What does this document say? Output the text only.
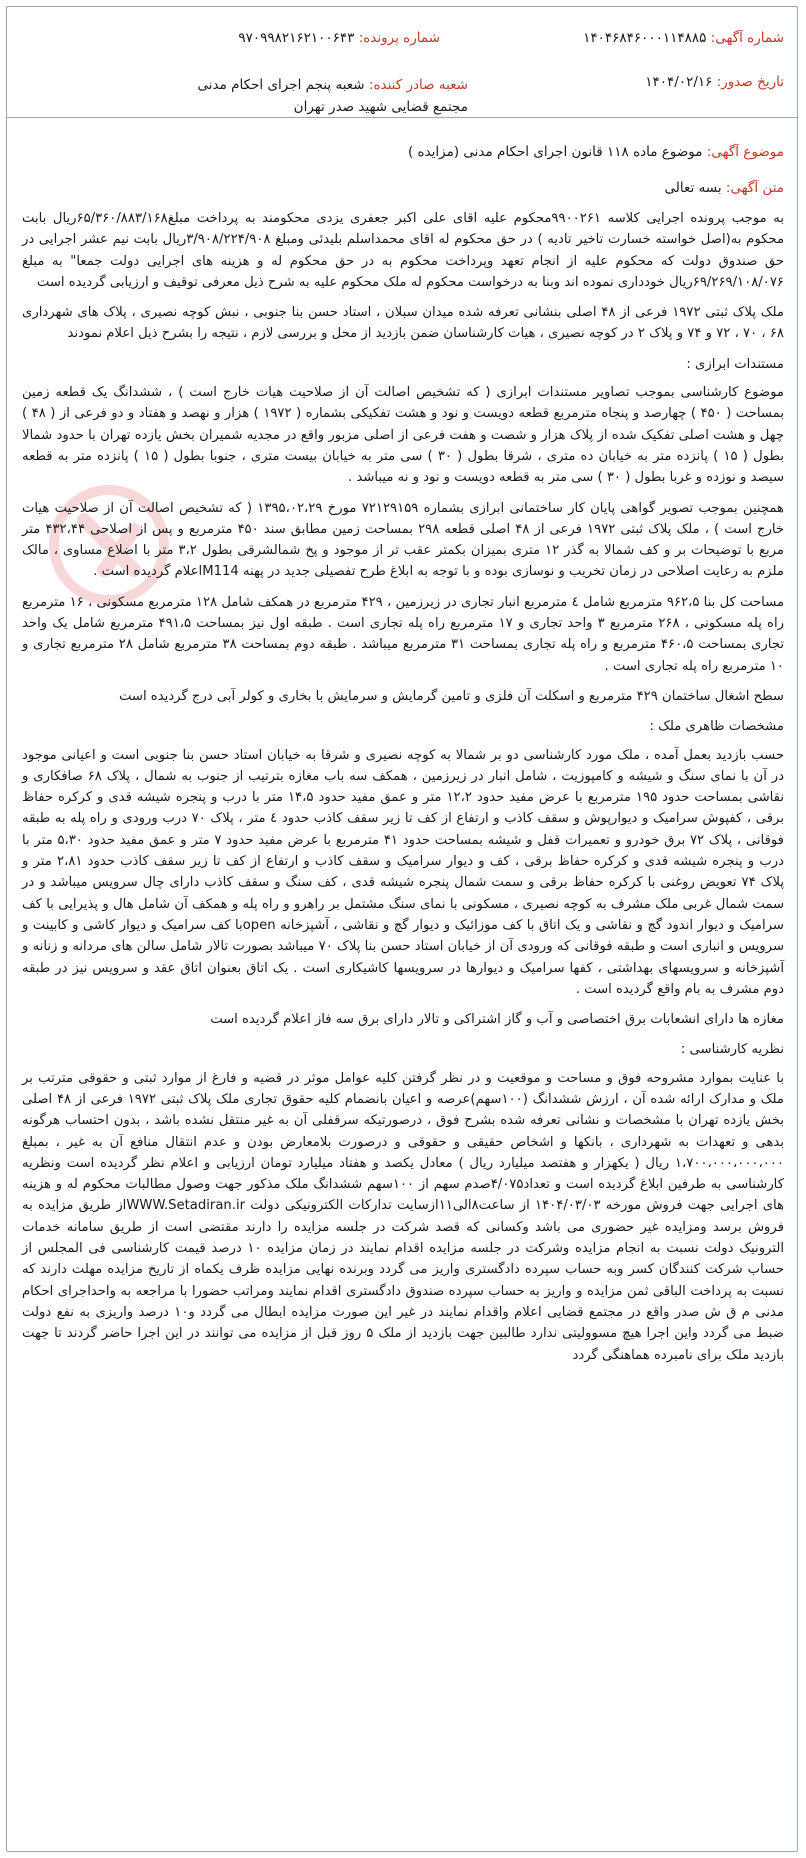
شماره آگهی: ۱۴۰۴۶۸۴۶۰۰۰۱۱۴۸۸۵
شماره پرونده: ۹۷۰۹۹۸۲۱۶۲۱۰۰۶۴۳
تاریخ صدور: ۱۴۰۴/۰۲/۱۶
شعبه صادر کننده: شعبه پنجم اجرای احکام مدنی مجتمع قضایی شهید صدر تهران
موضوع آگهی: موضوع ماده ۱۱۸ قانون اجرای احکام مدنی (مزایده )
متن آگهی: بسه تعالی

به موجب پرونده اجرایی کلاسه ۹۹۰۰۲۶۱محکوم علیه اقای علی اکبر جعفری یزدی محکومند به پرداخت مبلغ۶۵/۳۶۰/۸۸۳/۱۶۸ریال بابت محکوم به(اصل خواسته خسارت تاخیر تادیه ) در حق محکوم له اقای محمداسلم بلیدئی ومبلغ ۳/۹۰۸/۲۲۴/۹۰۸ریال بابت نیم عشر اجرایی در حق صندوق دولت که محکوم علیه از انجام تعهد وپرداخت محکوم به در حق محکوم له و هزینه های اجرایی دولت جمعا" به مبلغ ۶۹/۲۶۹/۱۰۸/۰۷۶ریال خودداری نموده اند وبنا به درخواست محکوم له ملک محکوم علیه به شرح ذیل معرفی توقیف و ارزیابی گردیده است

ملک پلاک ثبتی ۱۹۷۲ فرعی از ۴۸ اصلی بنشانی تعرفه شده میدان سبلان ، استاد حسن بنا جنوبی ، نبش کوچه نصیری ، پلاک های شهرداری ۶۸ ، ۷۰ ، ۷۲ و ۷۴ و پلاک ۲ در کوچه نصیری ، هیات کارشناسان ضمن بازدید از محل و بررسی لازم ، نتیجه را بشرح ذیل اعلام نمودند

مستندات ابرازی :

موضوع کارشناسی بموجب تصاویر مستندات ابرازی ( که تشخیص اصالت آن از صلاحیت هیات خارج است ) ، ششدانگ یک قطعه زمین بمساحت ( ۴۵۰ ) چهارصد و پنجاه مترمربع قطعه دویست و نود و هشت تفکیکی بشماره ( ۱۹۷۲ ) هزار و نهصد و هفتاد و دو فرعی از ( ۴۸ ) چهل و هشت اصلی تفکیک شده از پلاک هزار و شصت و هفت فرعی از اصلی مزبور واقع در مجدیه شمیران بخش یازده تهران با حدود شمالا بطول ( ۱۵ ) پانزده متر به خیابان ده متری ، شرقا بطول ( ۳۰ ) سی متر به خیابان بیست متری ، جنوبا بطول ( ۱۵ ) پانزده متر به قطعه سیصد و نوزده و غربا بطول ( ۳۰ ) سی متر به قطعه دویست و نود و نه میباشد .

همچنین بموجب تصویر گواهی پایان کار ساختمانی ابرازی بشماره ۷۲۱۲۹۱۵۹ مورخ ۱۳۹۵،۰۲،۲۹ ( که تشخیص اصالت آن از صلاحیت هیات خارج است ) ، ملک پلاک ثبتی ۱۹۷۲ فرعی از ۴۸ اصلی قطعه ۲۹۸ بمساحت زمین مطابق سند ۴۵۰ مترمربع و پس از اصلاحی ۴۳۲،۴۴ متر مربع با توضیحات بر و کف شمالا به گذر ۱۲ متری بمیزان بکمتر عقب تر از موجود و پخ شمالشرقی بطول ۳،۲ متر با اضلاع مساوی ، مالک ملزم به رعایت اصلاحی در زمان تخریب و نوسازی بوده و با توجه به ابلاغ طرح تفصیلی جدید در پهنه M114اعلام گردیده است .

مساحت کل بنا ۹۶۲،۵ مترمربع شامل ٤ مترمربع انبار تجاری در زیرزمین ، ۴۲۹ مترمربع در همکف شامل ۱۲۸ مترمربع مسکونی ، ۱۶ مترمربع راه پله مسکونی ، ۲۶۸ مترمربع ۳ واحد تجاری و ۱۷ مترمربع راه پله تجاری است . طبقه اول نیز بمساحت ۴۹۱،۵ مترمربع شامل یک واحد تجاری بمساحت ۴۶۰،۵ مترمربع و راه پله تجاری بمساحت ۳۱ مترمربع میباشد . طبقه دوم بمساحت ۳۸ مترمربع شامل ۲۸ مترمربع تجاری و ۱۰ مترمربع راه پله تجاری است .

سطح اشغال ساختمان ۴۲۹ مترمربع و اسکلت آن فلزی و تامین گرمایش و سرمایش با بخاری و کولر آبی درج گردیده است

مشخصات ظاهری ملک :

حسب بازدید بعمل آمده ، ملک مورد کارشناسی دو بر شمالا به کوچه نصیری و شرقا به خیابان استاد حسن بنا جنوبی است و اعیانی موجود در آن با نمای سنگ و شیشه و کامپوزیت ، شامل انبار در زیرزمین ، همکف سه باب مغازه بترتیب از جنوب به شمال ، پلاک ۶۸ صافکاری و نقاشی بمساحت حدود ۱۹۵ مترمربع با عرض مفید حدود ۱۲،۲ متر و عمق مفید حدود ۱۴،۵ متر با درب و پنجره شیشه قدی و کرکره حفاظ برقی ، کفپوش سرامیک و دیوارپوش و سقف کاذب و ارتفاع از کف تا زیر سقف کاذب حدود ٤ متر ، پلاک ۷۰ درب ورودی و راه پله به طبقه فوقانی ، پلاک ۷۲ برق خودرو و تعمیرات قفل و شیشه بمساحت حدود ۴۱ مترمربع با عرض مفید حدود ۷ متر و عمق مفید حدود ۵،۳۰ متر با درب و پنجره شیشه قدی و کرکره حفاظ برقی ، کف و دیوار سرامیک و سقف کاذب و ارتفاع از کف تا زیر سقف کاذب حدود ۲،۸۱ متر و پلاک ۷۴ تعویض روغنی با کرکره حفاظ برقی و سمت شمال پنجره شیشه قدی ، کف سنگ و سقف کاذب دارای چال سرویس میباشد و در سمت شمال غربی ملک مشرف به کوچه نصیری ، مسکونی با نمای سنگ مشتمل بر راهرو و راه پله و همکف آن شامل هال و پذیرایی با کف سرامیک و دیوار اندود گچ و نقاشی و یک اتاق با کف موزائیک و دیوار گچ و نقاشی ، آشپزخانه openبا کف سرامیک و دیوار کاشی و کابینت و سرویس و انباری است و طبقه فوقانی که ورودی آن از خیابان استاد حسن بنا پلاک ۷۰ میباشد بصورت تالار شامل سالن های مردانه و زنانه و آشپزخانه و سرویسهای بهداشتی ، کفها سرامیک و دیوارها در سرویسها کاشیکاری است . یک اتاق بعنوان اتاق عقد و سرویس نیز در طبقه دوم مشرف به بام واقع گردیده است .

مغازه ها دارای انشعابات برق اختصاصی و آب و گاز اشتراکی و تالار دارای برق سه فاز اعلام گردیده است

نظریه کارشناسی :

با عنایت بموارد مشروحه فوق و مساحت و موقعیت و در نظر گرفتن کلیه عوامل موثر در قضیه و فارغ از موارد ثبتی و حقوقی مترتب بر ملک و مدارک ارائه شده آن ، ارزش ششدانگ (۱۰۰سهم)عرصه و اعیان بانضمام کلیه حقوق تجاری ملک پلاک ثبتی ۱۹۷۲ فرعی از ۴۸ اصلی بخش یازده تهران با مشخصات و نشانی تعرفه شده بشرح فوق ، درصورتیکه سرقفلی آن به غیر منتقل نشده باشد ، بدون احتساب هرگونه بدهی و تعهدات به شهرداری ، بانکها و اشخاص حقیقی و حقوقی و درصورت بلامعارض بودن و عدم انتقال منافع آن به غیر ، بمبلغ ۱،۷۰۰،۰۰۰،۰۰۰،۰۰۰ ریال ( یکهزار و هفتصد میلیارد ریال ) معادل یکصد و هفتاد میلیارد تومان ارزیابی و اعلام نظر گردیده است ونظریه کارشناسی به طرفین ابلاغ گردیده است و تعداد۴/۰۷۵صدم سهم از ۱۰۰سهم ششدانگ ملک مذکور جهت وصول مطالبات محکوم له و هزینه های اجرایی جهت فروش مورخه ۱۴۰۴/۰۳/۰۳ از ساعت۸الی۱۱ازسایت تدارکات الکترونیکی دولت WWW.Setadiran.irاز طریق مزایده به فروش برسد ومزایده غیر حضوری می باشد وکسانی که قصد شرکت در جلسه مزایده را دارند مقتضی است از طریق سامانه خدمات الترونیک دولت نسبت به انجام مزایده وشرکت در جلسه مزایده اقدام نمایند در زمان مزایده ۱۰ درصد قیمت کارشناسی فی المجلس از حساب شرکت کنندگان کسر وبه حساب سپرده دادگستری واریز می گردد وبرنده نهایی مزایده ظرف یکماه از تاریخ مزایده مهلت دارند که نسبت به پرداخت الباقی ثمن مزایده و واریز به حساب سپرده صندوق دادگستری اقدام نمایند ومراتب حضورا با مراجعه به واحداجرای احکام مدنی م ق ش صدر واقع در مجتمع قضایی اعلام واقدام نمایند در غیر این صورت مزایده ابطال می گردد و۱۰ درصد واریزی به نفع دولت ضبط می گردد واین اجرا هیچ مسوولیتی ندارد طالبین جهت بازدید از ملک ۵ روز قبل از مزایده می توانند در این اجرا حاضر گردند تا جهت بازدید ملک برای نامبرده هماهنگی گردد
